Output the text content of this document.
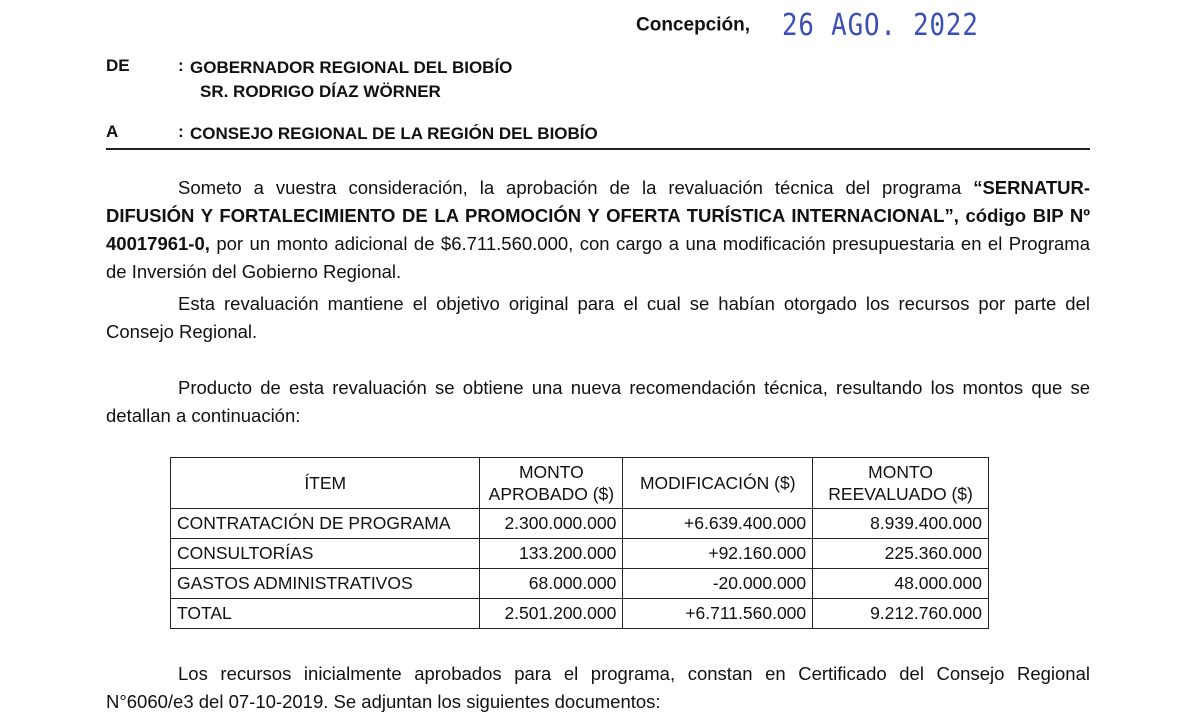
Concepción, 26 AGO. 2022
DE	: GOBERNADOR REGIONAL DEL BIOBÍO
SR. RODRIGO DÍAZ WÖRNER
A	: CONSEJO REGIONAL DE LA REGIÓN DEL BIOBÍO

Someto a vuestra consideración, la aprobación de la revaluación técnica del programa “SERNATUR-DIFUSIÓN Y FORTALECIMIENTO DE LA PROMOCIÓN Y OFERTA TURÍSTICA INTERNACIONAL”, código BIP Nº 40017961-0, por un monto adicional de $6.711.560.000, con cargo a una modificación presupuestaria en el Programa de Inversión del Gobierno Regional.

Esta revaluación mantiene el objetivo original para el cual se habían otorgado los recursos por parte del Consejo Regional.

Producto de esta revaluación se obtiene una nueva recomendación técnica, resultando los montos que se detallan a continuación:

ÍTEM	MONTO APROBADO ($)	MODIFICACIÓN ($)	MONTO REEVALUADO ($)
CONTRATACIÓN DE PROGRAMA	2.300.000.000	+6.639.400.000	8.939.400.000
CONSULTORÍAS	133.200.000	+92.160.000	225.360.000
GASTOS ADMINISTRATIVOS	68.000.000	-20.000.000	48.000.000
TOTAL	2.501.200.000	+6.711.560.000	9.212.760.000

Los recursos inicialmente aprobados para el programa, constan en Certificado del Consejo Regional N°6060/e3 del 07-10-2019. Se adjuntan los siguientes documentos:
